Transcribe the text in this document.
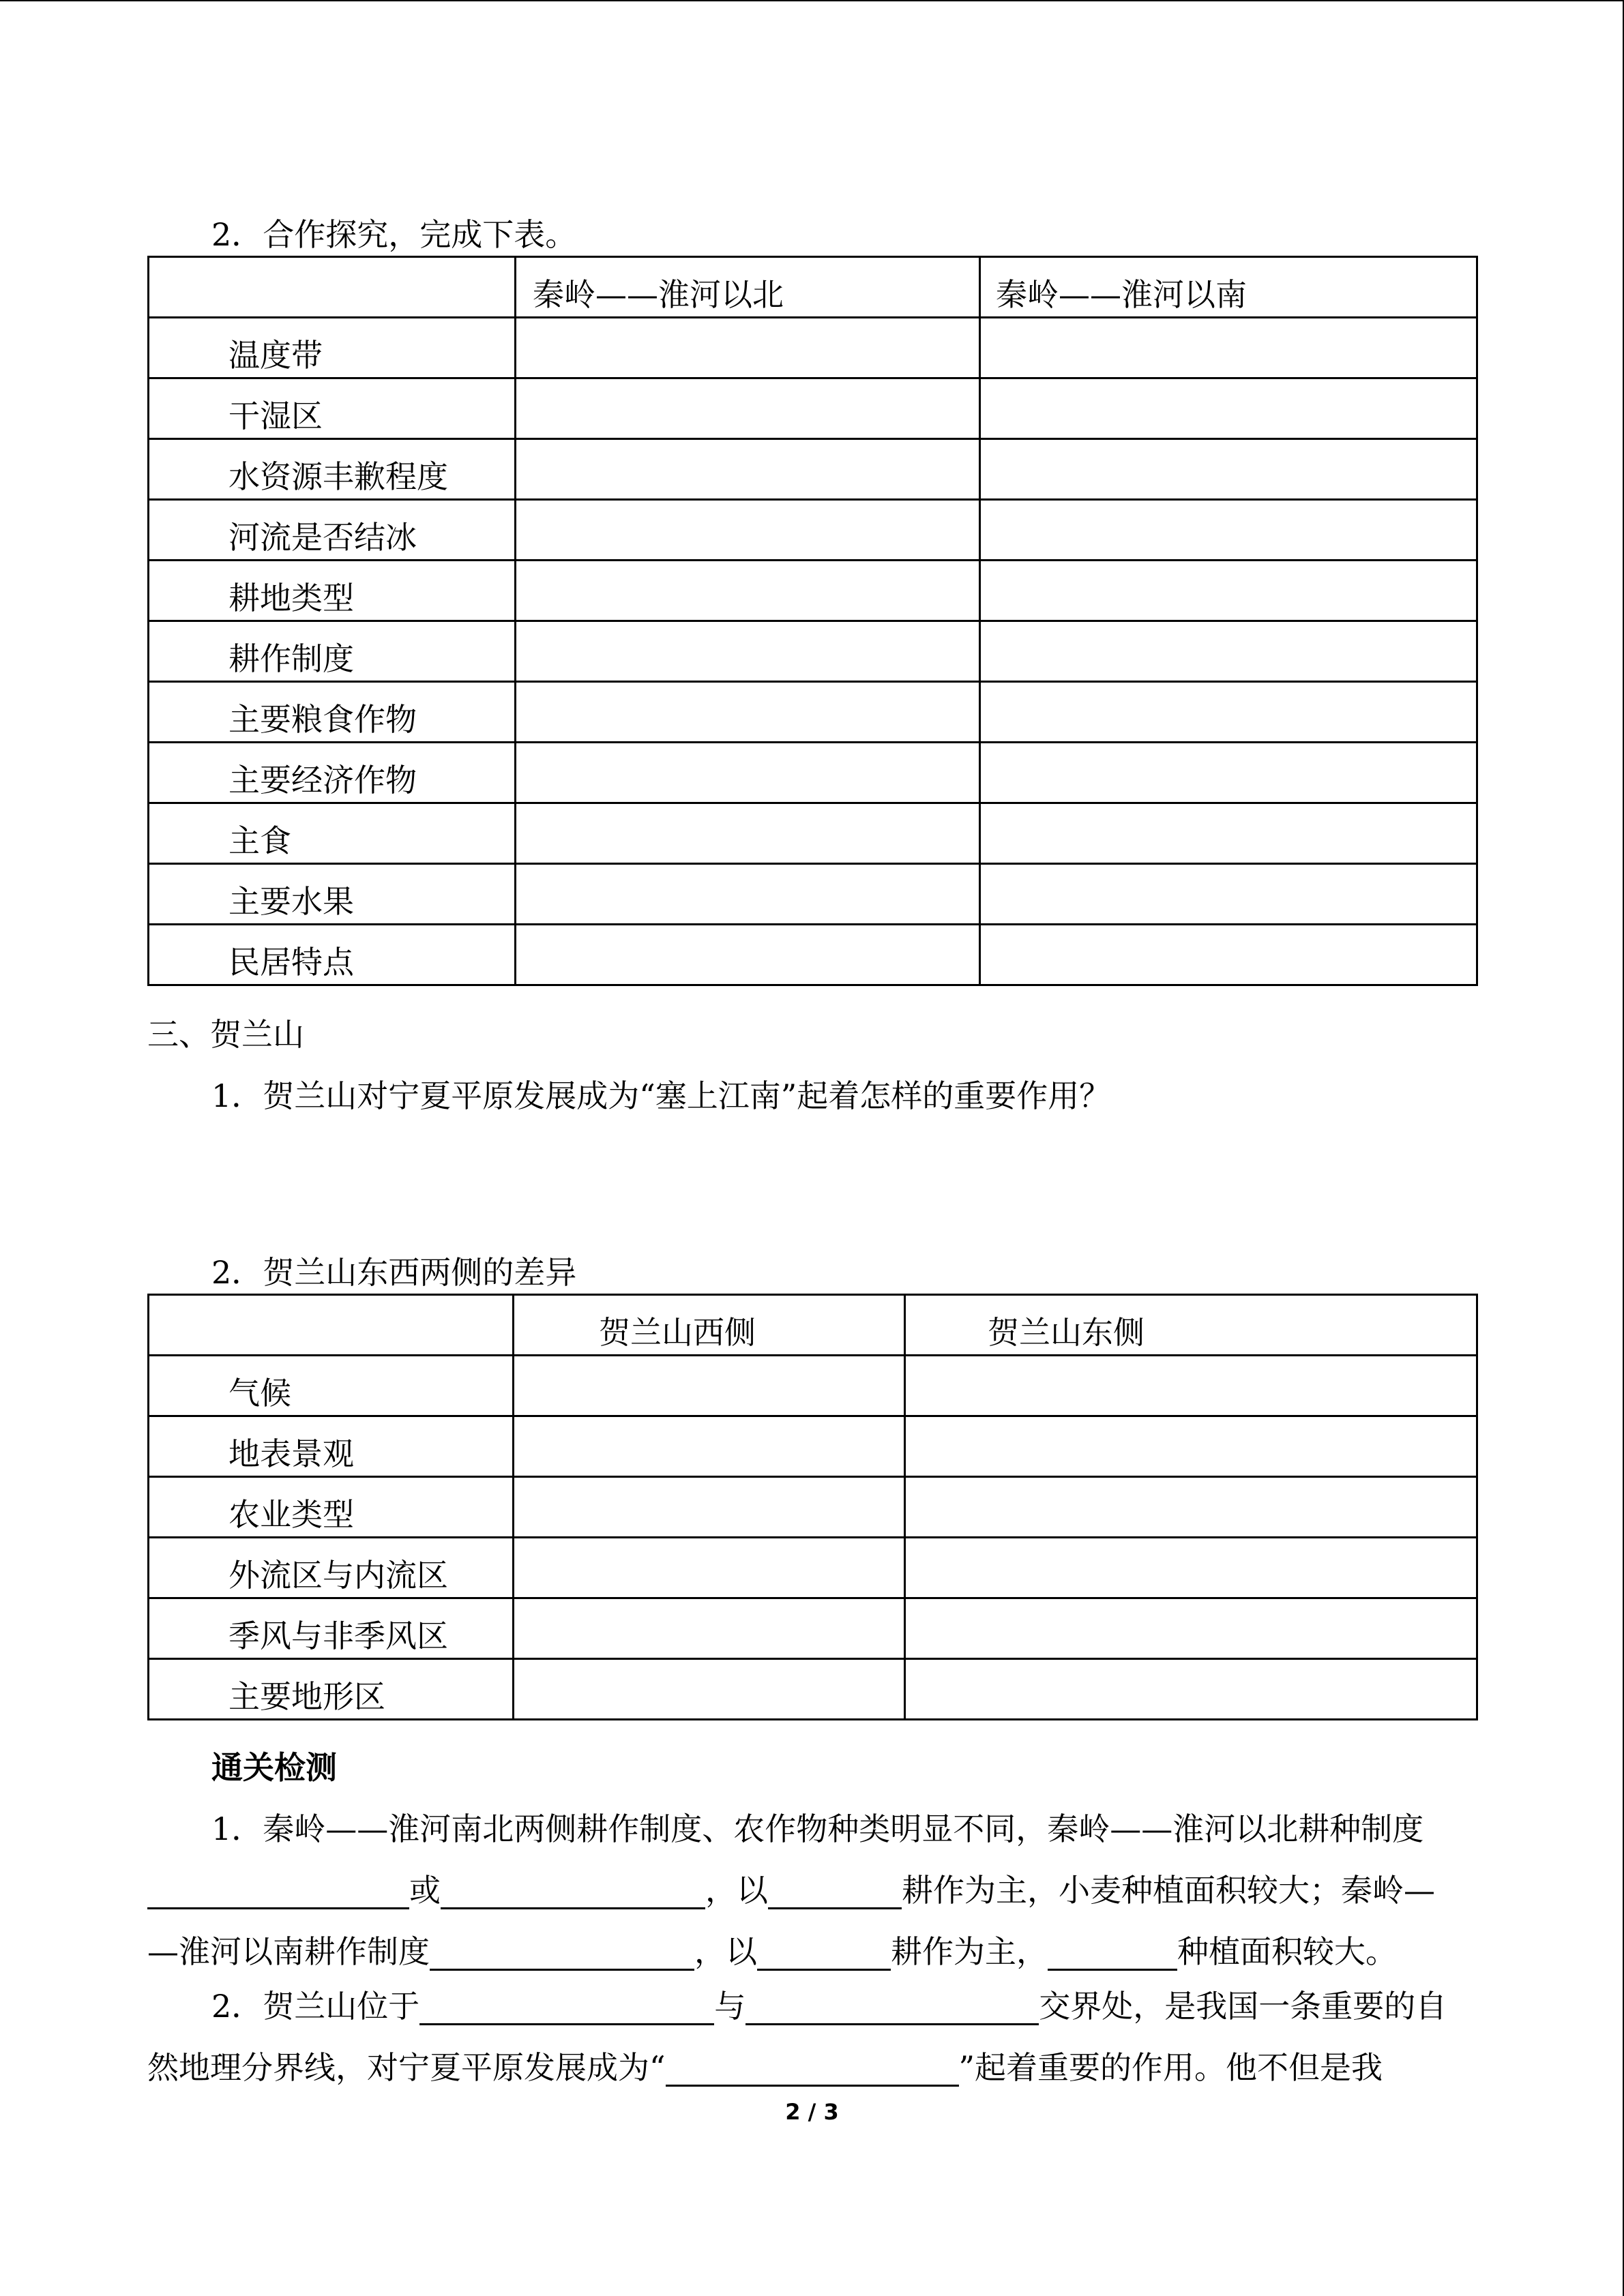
2．合作探究，完成下表。
	秦岭——淮河以北	秦岭——淮河以南
温度带		
干湿区		
水资源丰歉程度		
河流是否结冰		
耕地类型		
耕作制度		
主要粮食作物		
主要经济作物		
主食		
主要水果		
民居特点		
三、贺兰山
1．贺兰山对宁夏平原发展成为“塞上江南”起着怎样的重要作用？
2．贺兰山东西两侧的差异
	贺兰山西侧	贺兰山东侧
气候		
地表景观		
农业类型		
外流区与内流区		
季风与非季风区		
主要地形区		
通关检测
1．秦岭——淮河南北两侧耕作制度、农作物种类明显不同，秦岭——淮河以北耕种制度
或	，以	耕作为主，小麦种植面积较大；秦岭—
—淮河以南耕作制度	，以	耕作为主，	种植面积较大。
2．贺兰山位于	与	交界处，是我国一条重要的自
然地理分界线，对宁夏平原发展成为“	”起着重要的作用。他不但是我
2 / 3
